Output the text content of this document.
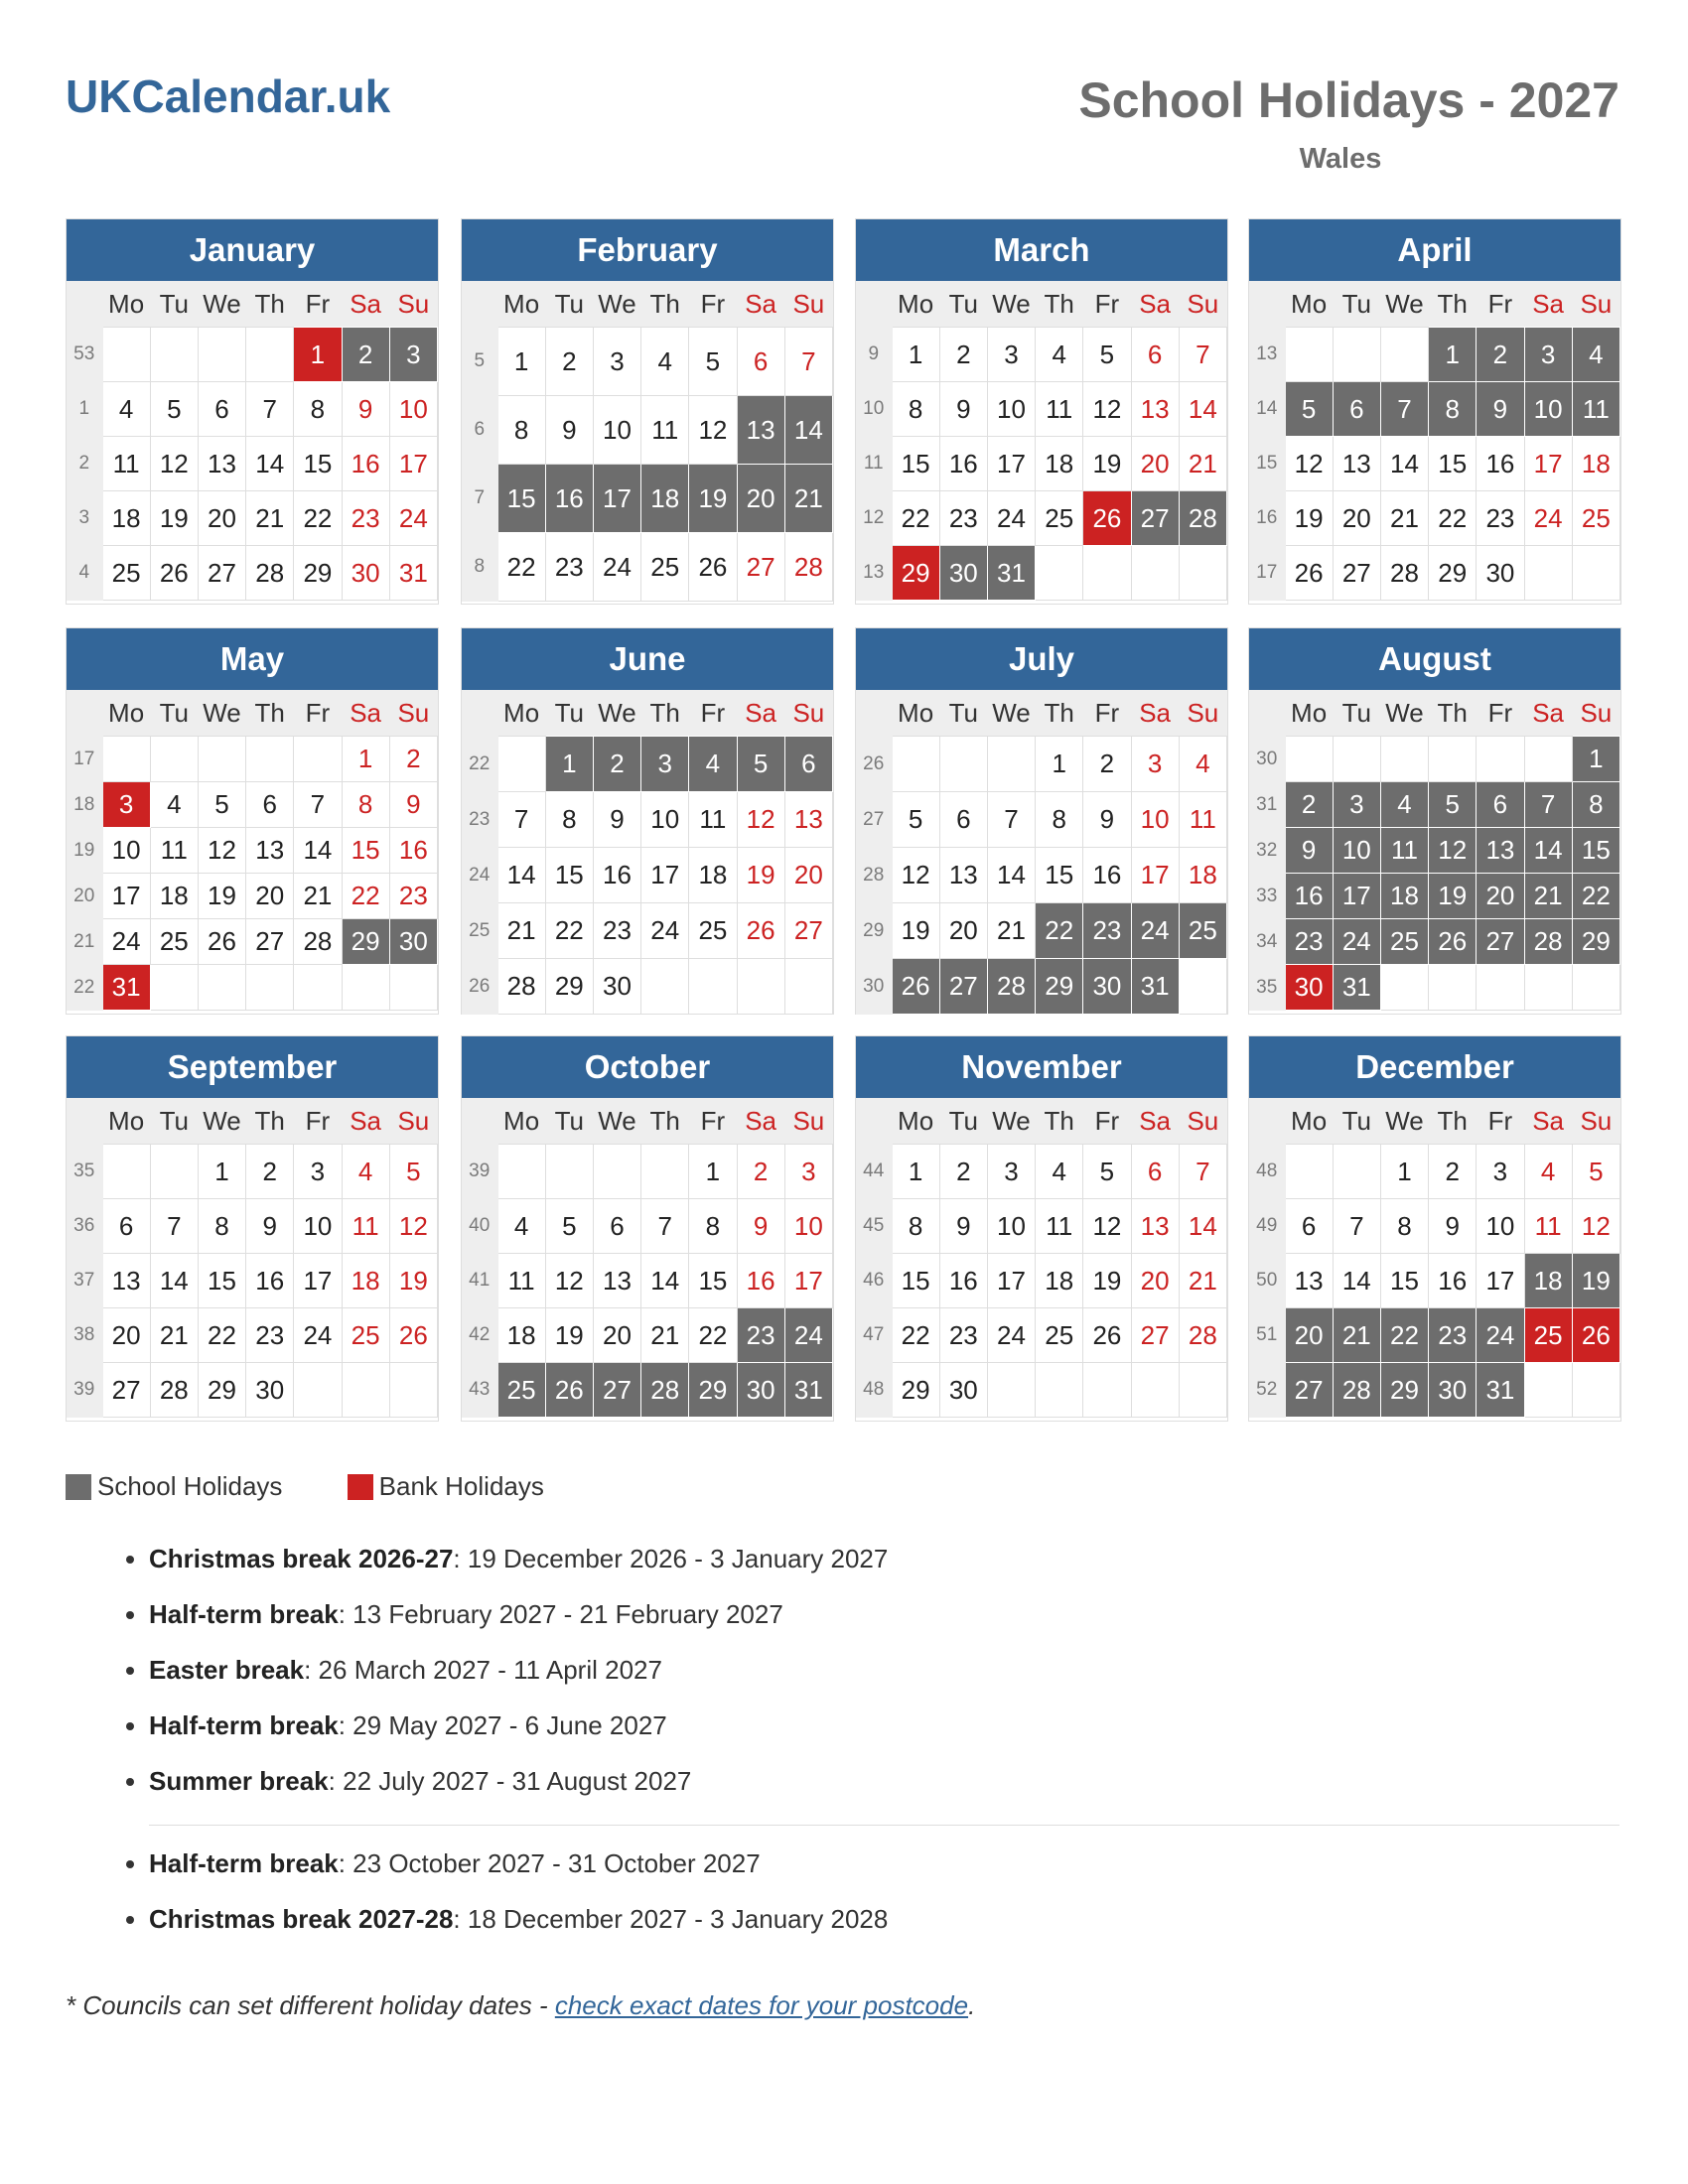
UKCalendar.uk	School Holidays - 2027
Wales
January
	Mo	Tu	We	Th	Fr	Sa	Su
53					1	2	3
1	4	5	6	7	8	9	10
2	11	12	13	14	15	16	17
3	18	19	20	21	22	23	24
4	25	26	27	28	29	30	31
February
	Mo	Tu	We	Th	Fr	Sa	Su
5	1	2	3	4	5	6	7
6	8	9	10	11	12	13	14
7	15	16	17	18	19	20	21
8	22	23	24	25	26	27	28
March
	Mo	Tu	We	Th	Fr	Sa	Su
9	1	2	3	4	5	6	7
10	8	9	10	11	12	13	14
11	15	16	17	18	19	20	21
12	22	23	24	25	26	27	28
13	29	30	31				
April
	Mo	Tu	We	Th	Fr	Sa	Su
13				1	2	3	4
14	5	6	7	8	9	10	11
15	12	13	14	15	16	17	18
16	19	20	21	22	23	24	25
17	26	27	28	29	30		
May
	Mo	Tu	We	Th	Fr	Sa	Su
17						1	2
18	3	4	5	6	7	8	9
19	10	11	12	13	14	15	16
20	17	18	19	20	21	22	23
21	24	25	26	27	28	29	30
22	31						
June
	Mo	Tu	We	Th	Fr	Sa	Su
22		1	2	3	4	5	6
23	7	8	9	10	11	12	13
24	14	15	16	17	18	19	20
25	21	22	23	24	25	26	27
26	28	29	30				
July
	Mo	Tu	We	Th	Fr	Sa	Su
26				1	2	3	4
27	5	6	7	8	9	10	11
28	12	13	14	15	16	17	18
29	19	20	21	22	23	24	25
30	26	27	28	29	30	31	
August
	Mo	Tu	We	Th	Fr	Sa	Su
30							1
31	2	3	4	5	6	7	8
32	9	10	11	12	13	14	15
33	16	17	18	19	20	21	22
34	23	24	25	26	27	28	29
35	30	31					
September
	Mo	Tu	We	Th	Fr	Sa	Su
35			1	2	3	4	5
36	6	7	8	9	10	11	12
37	13	14	15	16	17	18	19
38	20	21	22	23	24	25	26
39	27	28	29	30			
October
	Mo	Tu	We	Th	Fr	Sa	Su
39					1	2	3
40	4	5	6	7	8	9	10
41	11	12	13	14	15	16	17
42	18	19	20	21	22	23	24
43	25	26	27	28	29	30	31
November
	Mo	Tu	We	Th	Fr	Sa	Su
44	1	2	3	4	5	6	7
45	8	9	10	11	12	13	14
46	15	16	17	18	19	20	21
47	22	23	24	25	26	27	28
48	29	30					
December
	Mo	Tu	We	Th	Fr	Sa	Su
48			1	2	3	4	5
49	6	7	8	9	10	11	12
50	13	14	15	16	17	18	19
51	20	21	22	23	24	25	26
52	27	28	29	30	31		
School Holidays
	Bank Holidays
• Christmas break 2026-27: 19 December 2026 - 3 January 2027
• Half-term break: 13 February 2027 - 21 February 2027
• Easter break: 26 March 2027 - 11 April 2027
• Half-term break: 29 May 2027 - 6 June 2027
• Summer break: 22 July 2027 - 31 August 2027
• Half-term break: 23 October 2027 - 31 October 2027
• Christmas break 2027-28: 18 December 2027 - 3 January 2028
* Councils can set different holiday dates - check exact dates for your postcode.
